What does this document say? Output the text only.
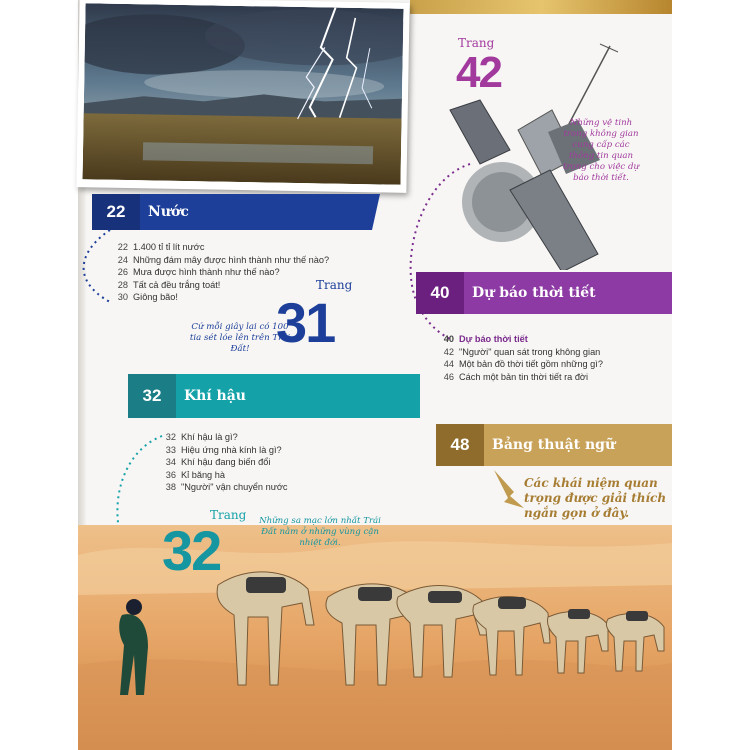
22	Nước
22 1.400 tỉ tỉ lít nước
24 Những đám mây được hình thành như thế nào?
26 Mưa được hình thành như thế nào?
28 Tất cả đều trắng toát!
30 Giông bão!
Trang
31
Cứ mỗi giây lại có 100 tia sét lóe lên trên Trái Đất!
32	Khí hậu
32 Khí hậu là gì?
33 Hiệu ứng nhà kính là gì?
34 Khí hậu đang biến đổi
36 Kỉ băng hà
38 "Người" vận chuyển nước
Trang
42
Những vệ tinh trong không gian cung cấp các thông tin quan trọng cho việc dự báo thời tiết.
40	Dự báo thời tiết
40 Dự báo thời tiết
42 "Người" quan sát trong không gian
44 Một bản đồ thời tiết gồm những gì?
46 Cách một bản tin thời tiết ra đời
48	Bảng thuật ngữ
Các khái niệm quan trọng được giải thích ngắn gọn ở đây.
Trang
32	Những sa mạc lớn nhất Trái Đất nằm ở những vùng cận nhiệt đới.
